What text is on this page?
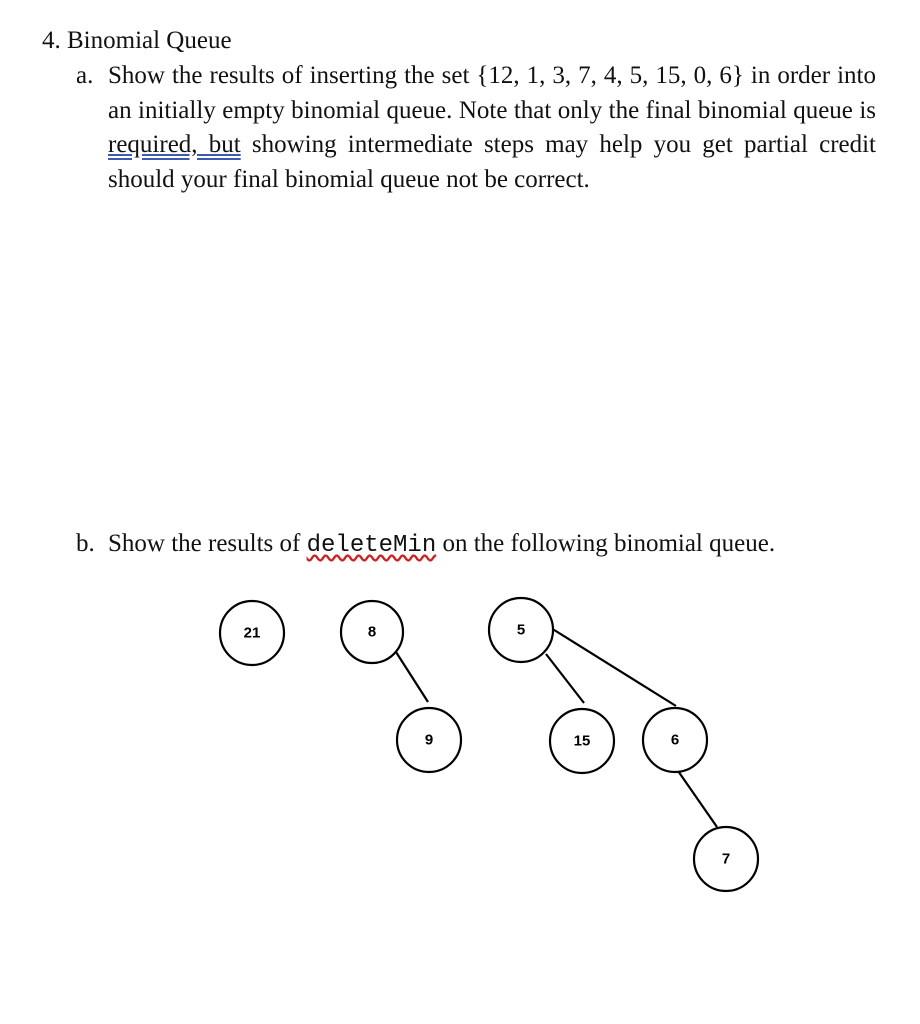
4. Binomial Queue
a. Show the results of inserting the set {12, 1, 3, 7, 4, 5, 15, 0, 6} in order into an initially empty binomial queue. Note that only the final binomial queue is required, but showing intermediate steps may help you get partial credit should your final binomial queue not be correct.
b. Show the results of deleteMin on the following binomial queue.
21	8
9
5
15	6
7
